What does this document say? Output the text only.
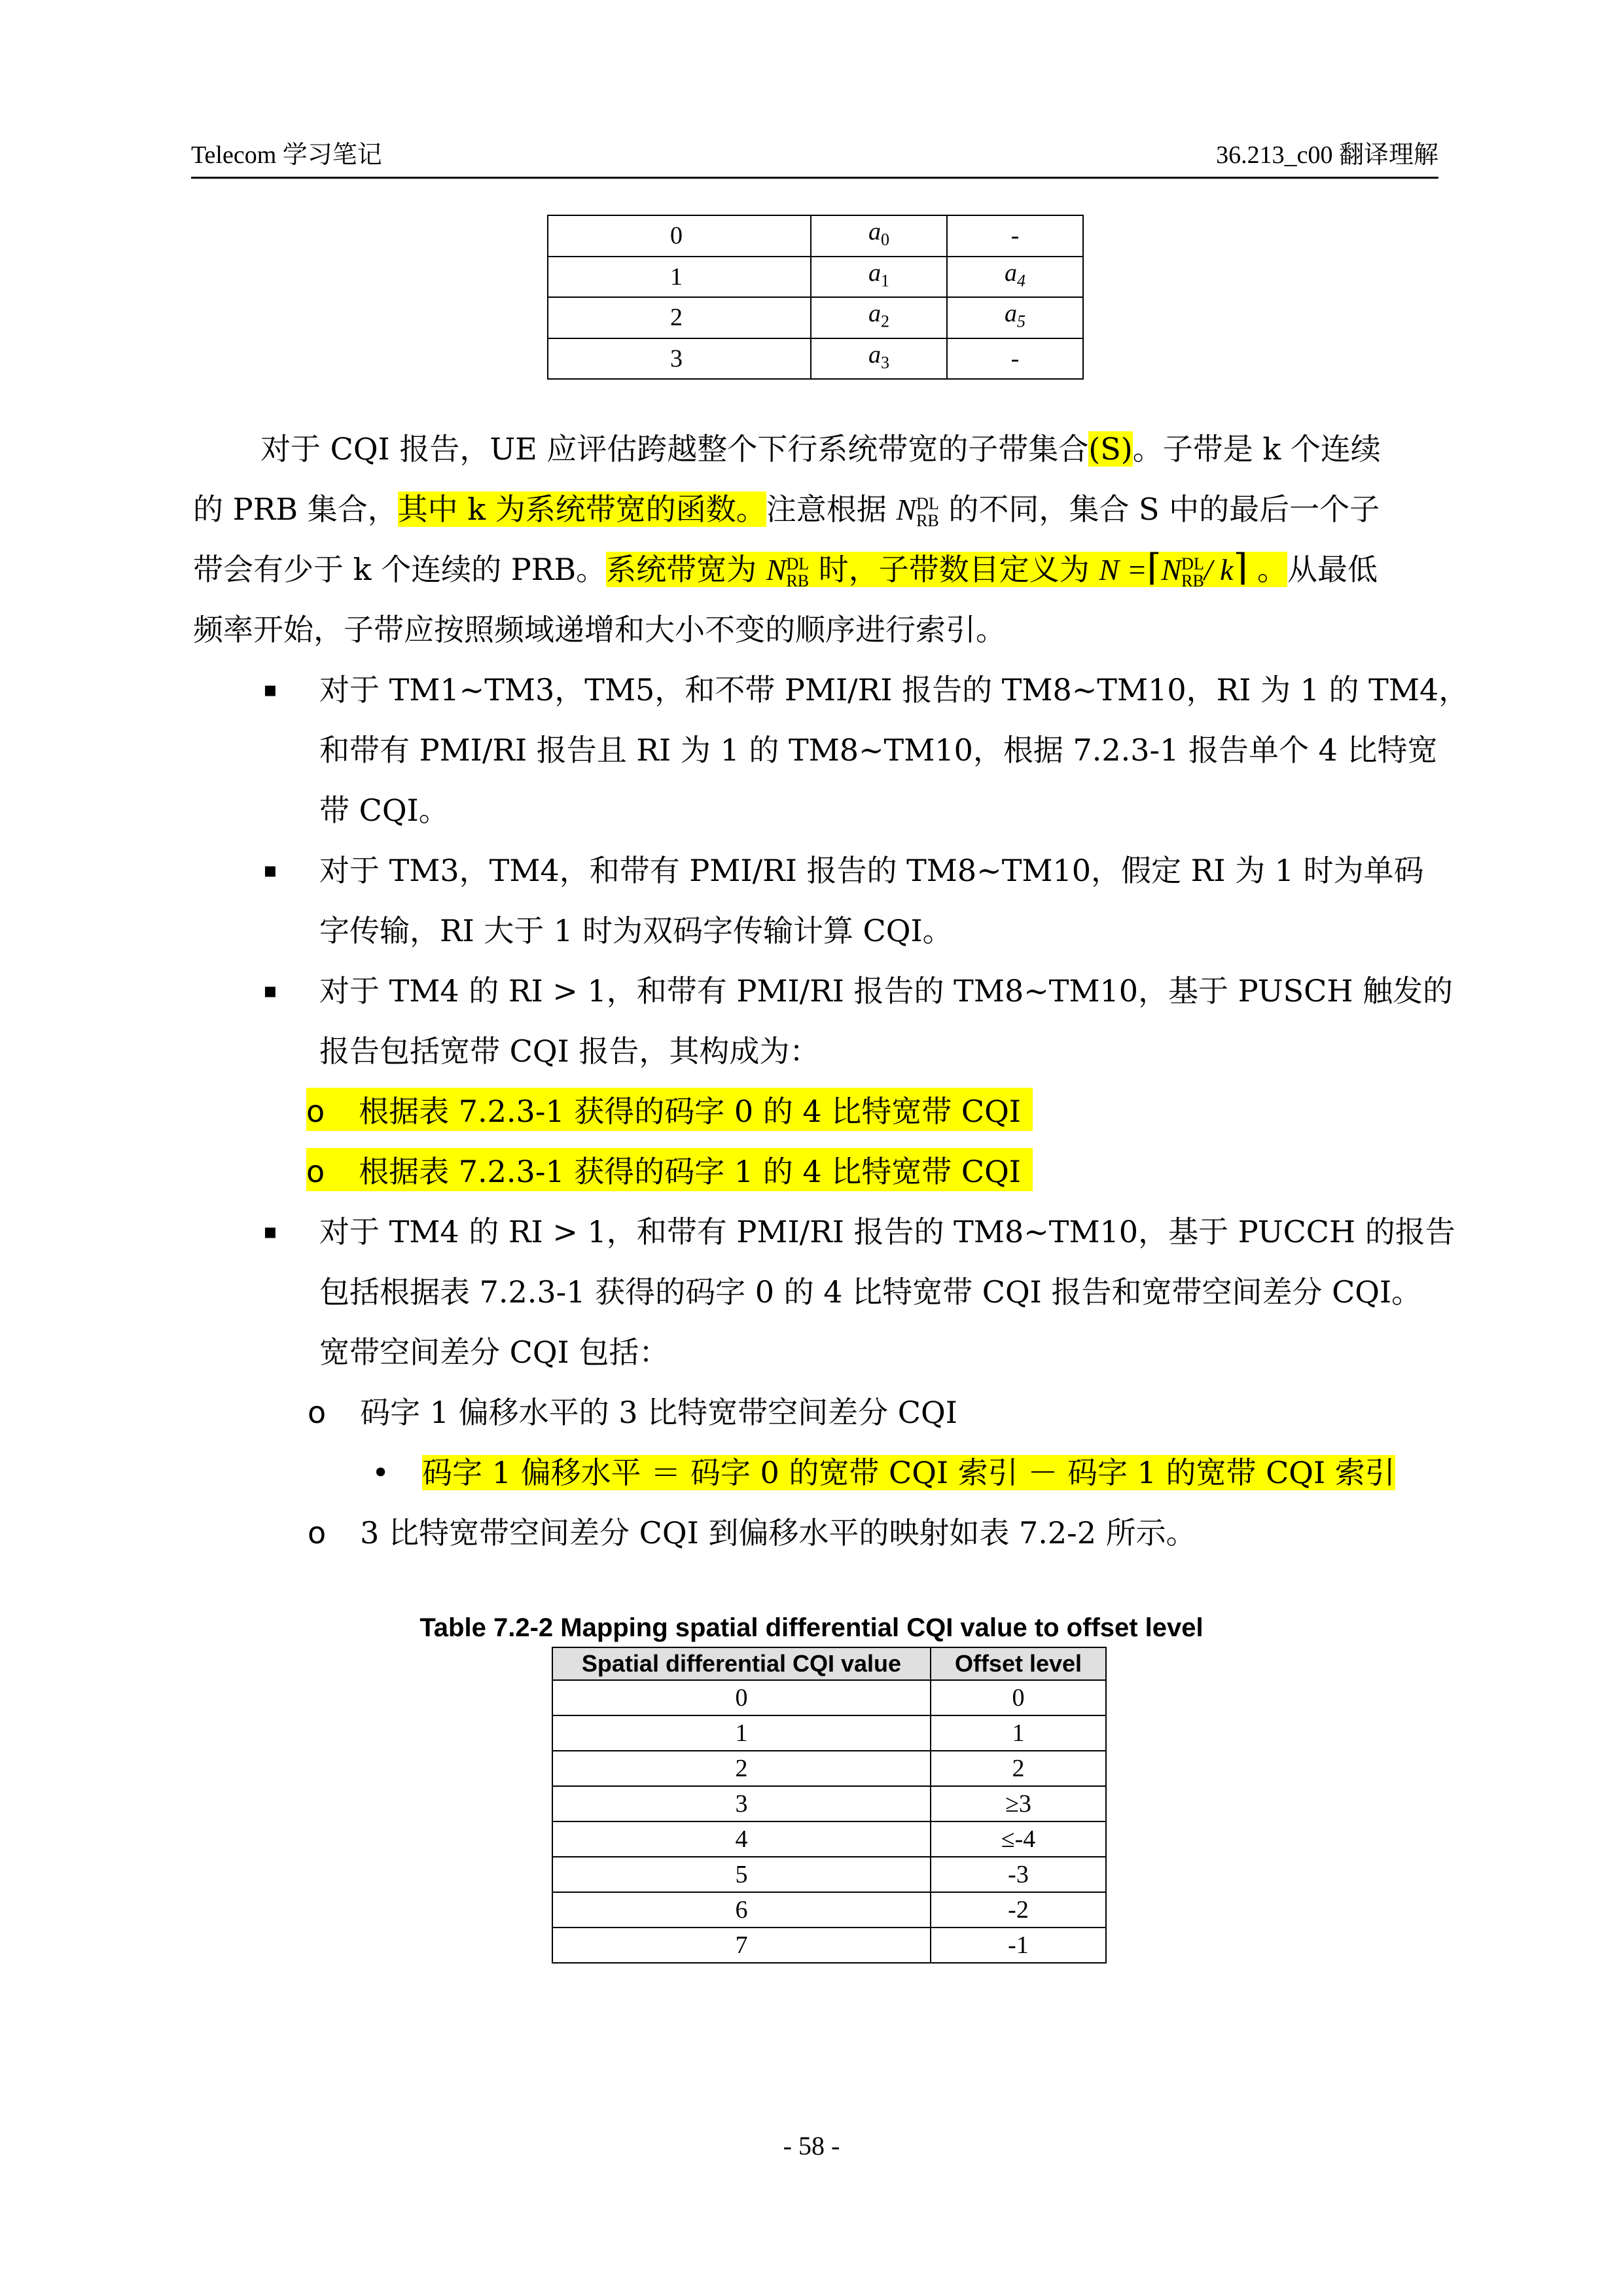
Telecom 学习笔记	36.213_c00 翻译理解
0	$a_0$	-
1	$a_1$	$a_4$
2	$a_2$	$a_5$
3	$a_3$	-
对于 CQI 报告，UE 应评估跨越整个下行系统带宽的子带集合(S)。子带是 k 个连续
的 PRB 集合，其中 k 为系统带宽的函数。注意根据 N DL
RB 的不同，集合 S 中的最后一个子
带会有少于 k 个连续的 PRB。系统带宽为 N DL
RB 时，子带数目定义为 N =⌈N DL
RB / k⌉ 。从最低
频率开始，子带应按照频域递增和大小不变的顺序进行索引。
▪ 对于 TM1~TM3，TM5，和不带 PMI/RI 报告的 TM8~TM10，RI 为 1 的 TM4，
和带有 PMI/RI 报告且 RI 为 1 的 TM8~TM10，根据 7.2.3-1 报告单个 4 比特宽
带 CQI。
▪ 对于 TM3，TM4，和带有 PMI/RI 报告的 TM8~TM10，假定 RI 为 1 时为单码
字传输，RI 大于 1 时为双码字传输计算 CQI。
▪ 对于 TM4 的 RI > 1，和带有 PMI/RI 报告的 TM8~TM10，基于 PUSCH 触发的
报告包括宽带 CQI 报告，其构成为：
o 根据表 7.2.3-1 获得的码字 0 的 4 比特宽带 CQI
o 根据表 7.2.3-1 获得的码字 1 的 4 比特宽带 CQI
▪ 对于 TM4 的 RI > 1，和带有 PMI/RI 报告的 TM8~TM10，基于 PUCCH 的报告
包括根据表 7.2.3-1 获得的码字 0 的 4 比特宽带 CQI 报告和宽带空间差分 CQI。
宽带空间差分 CQI 包括：
o 码字 1 偏移水平的 3 比特宽带空间差分 CQI
• 码字 1 偏移水平 ＝ 码字 0 的宽带 CQI 索引 － 码字 1 的宽带 CQI 索引
o 3 比特宽带空间差分 CQI 到偏移水平的映射如表 7.2-2 所示。
Table 7.2-2 Mapping spatial differential CQI value to offset level
Spatial differential CQI value	Offset level
0	0
1	1
2	2
3	≥3
4	≤-4
5	-3
6	-2
7	-1
- 58 -
